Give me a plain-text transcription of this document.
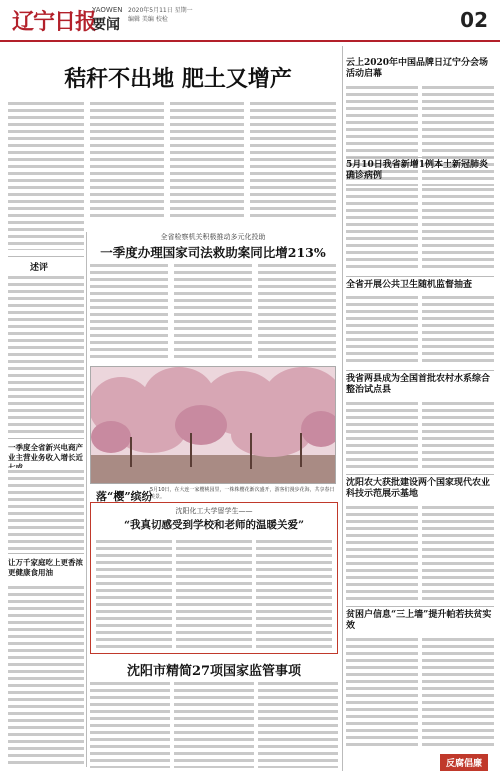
辽宁日报
YAOWEN
要闻
2020年5月11日 星期一
编辑 美编 校检	02
秸秆不出地 肥土又增产
述评
一季度全省新兴电商产业主营业务收入增长近
让万千家庭吃上更香浓更健康食用油
全省检察机关积极推动多元化投助
一季度办理国家司法救助案同比增213%
落“樱”缤纷
5月10日，在大连一家樱桃园里，一株株樱花渐次盛开，游客们漫步花海，共享春日美景。
沈阳化工大学留学生——
“我真切感受到学校和老师的温暖关爱”
沈阳市精简27项国家监管事项
云上2020年中国品牌日辽宁分会场活动启幕
5月10日我省新增1例本土新冠肺炎确诊病例
全省开展公共卫生随机监督抽查
我省两县成为全国首批农村水系综合整治试点县
沈阳农大获批建设两个国家现代农业科技示范展示基地
贫困户信息“三上墙”提升帕若扶贫实效
反腐倡廉
